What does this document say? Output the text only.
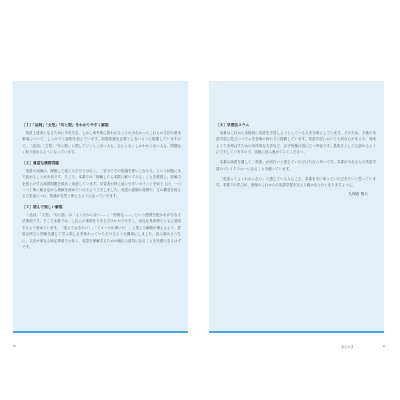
［１］「品詞」「文型」「句と節」をわかりやすく解説

英語上達者になるために不可欠な、しかし案外的に扱われることの少なかったこれらの文法の基本事項について、しっかりと説明を加えています。前提知識を必要としないように配慮していますので、「品詞」「文型」「句と節」に関してピンとこない人も、なんとなくしかわからない人も、問題なく取り組めるようになっています。

［２］豊富な演習問題

英語の知識は、理解して覚えるだけではなく、「自分でその知識を使いこなせる」という状態にまで高めることが大切です。そこで、本書では「理解したら実際に解いてみる」ことを重視し、読解力を底上げする演習問題を数多く用意しています。学習者が特に迷いやすいポイントを取り上げ、一つ一つ丁寧に解きながら理解を深めていけるよう工夫しました。英語の語順の規則や、文の構造を捉える力を身につけ、知識が自然と使えるようになっていきます。

［３］読んで楽しい解説

「品詞」「文型」「句と節」は「よくわからない……」「面倒な……」という感情を抱かれがちな文法事項です。そこで本書では、これらの事項をできるだけわかりやすく、身近な具体例とともに説明するよう努めています。「覚えておきたい！」「イメージが湧いた！」と思える瞬間が増えるよう、豊富な例文と図解を通じて学ぶ楽しさを味わっていただけるような構成にしました。読み進めるうちに、文法が単なる暗記事項ではなく、英語を理解するための頼れる道具になることを実感できるはずです。

［４］学習法コラム

本書はこれから本格的に英語を学習しようとしている人を対象にしています。そのため、今後の英語学習に役立つコラムを各章の終わりに掲載しています。英語学習において大切な心がまえや、効率よく力を伸ばすための具体的な方法など、必ず皆様の役に立つ内容です。息抜きとしても読めるように工夫していますので、気軽に読み進めてみてください。

本書の演習を通して「英語」が面白いと感じていただけたなら幸いです。本書がみなさんの英語学習のブレイクスルーになることを願っています。

「英語ってよくわからない」と感じている人にこそ、本書を手に取っていただきたいと思っています。本書での学びが、皆様のこれからの英語学習を支える確かな土台となりますように。

久保田 智大
iv	まえがき	v
